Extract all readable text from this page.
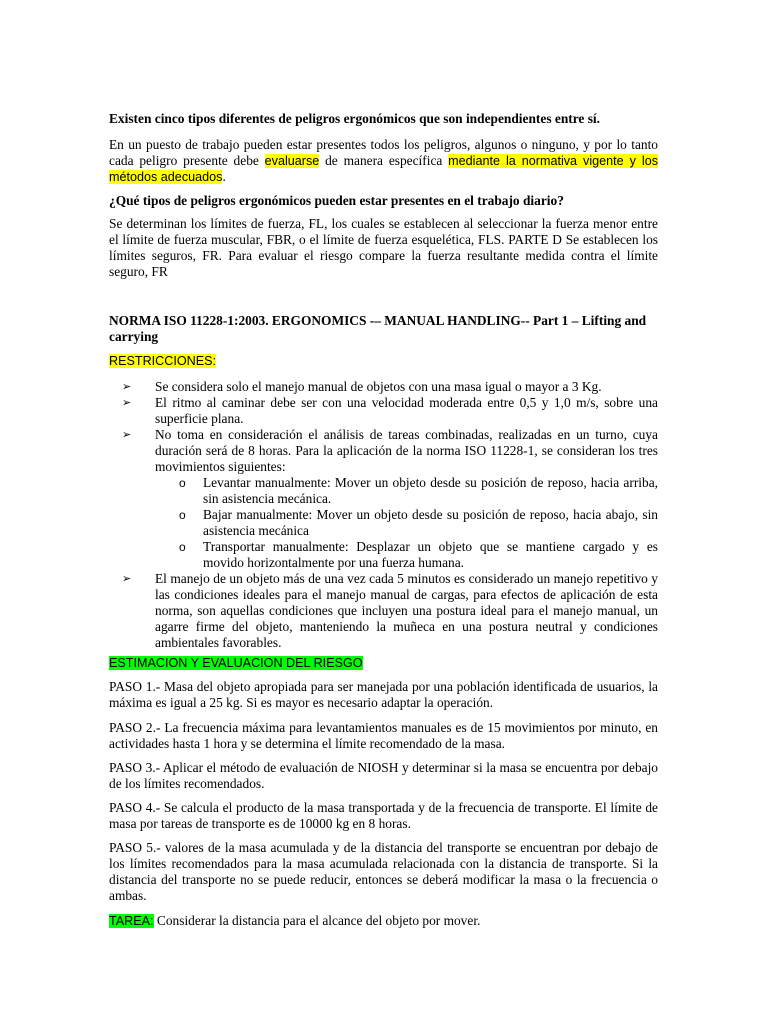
Existen cinco tipos diferentes de peligros ergonómicos que son independientes entre sí.

En un puesto de trabajo pueden estar presentes todos los peligros, algunos o ninguno, y por lo tanto cada peligro presente debe evaluarse de manera específica mediante la normativa vigente y los métodos adecuados.

¿Qué tipos de peligros ergonómicos pueden estar presentes en el trabajo diario?

Se determinan los límites de fuerza, FL, los cuales se establecen al seleccionar la fuerza menor entre el límite de fuerza muscular, FBR, o el límite de fuerza esquelética, FLS. PARTE D Se establecen los límites seguros, FR. Para evaluar el riesgo compare la fuerza resultante medida contra el límite seguro, FR

NORMA ISO 11228-1:2003. ERGONOMICS -– MANUAL HANDLING-- Part 1 – Lifting and carrying

RESTRICCIONES:

➢ Se considera solo el manejo manual de objetos con una masa igual o mayor a 3 Kg.
➢ El ritmo al caminar debe ser con una velocidad moderada entre 0,5 y 1,0 m/s, sobre una superficie plana.
➢ No toma en consideración el análisis de tareas combinadas, realizadas en un turno, cuya duración será de 8 horas. Para la aplicación de la norma ISO 11228-1, se consideran los tres movimientos siguientes:
o Levantar manualmente: Mover un objeto desde su posición de reposo, hacia arriba, sin asistencia mecánica.
o Bajar manualmente: Mover un objeto desde su posición de reposo, hacia abajo, sin asistencia mecánica
o Transportar manualmente: Desplazar un objeto que se mantiene cargado y es movido horizontalmente por una fuerza humana.
➢ El manejo de un objeto más de una vez cada 5 minutos es considerado un manejo repetitivo y las condiciones ideales para el manejo manual de cargas, para efectos de aplicación de esta norma, son aquellas condiciones que incluyen una postura ideal para el manejo manual, un agarre firme del objeto, manteniendo la muñeca en una postura neutral y condiciones ambientales favorables.

ESTIMACION Y EVALUACION DEL RIESGO

PASO 1.- Masa del objeto apropiada para ser manejada por una población identificada de usuarios, la máxima es igual a 25 kg. Si es mayor es necesario adaptar la operación.

PASO 2.- La frecuencia máxima para levantamientos manuales es de 15 movimientos por minuto, en actividades hasta 1 hora y se determina el límite recomendado de la masa.

PASO 3.- Aplicar el método de evaluación de NIOSH y determinar si la masa se encuentra por debajo de los límites recomendados.

PASO 4.- Se calcula el producto de la masa transportada y de la frecuencia de transporte. El límite de masa por tareas de transporte es de 10000 kg en 8 horas.

PASO 5.- valores de la masa acumulada y de la distancia del transporte se encuentran por debajo de los límites recomendados para la masa acumulada relacionada con la distancia de transporte. Si la distancia del transporte no se puede reducir, entonces se deberá modificar la masa o la frecuencia o ambas.

TAREA: Considerar la distancia para el alcance del objeto por mover.
